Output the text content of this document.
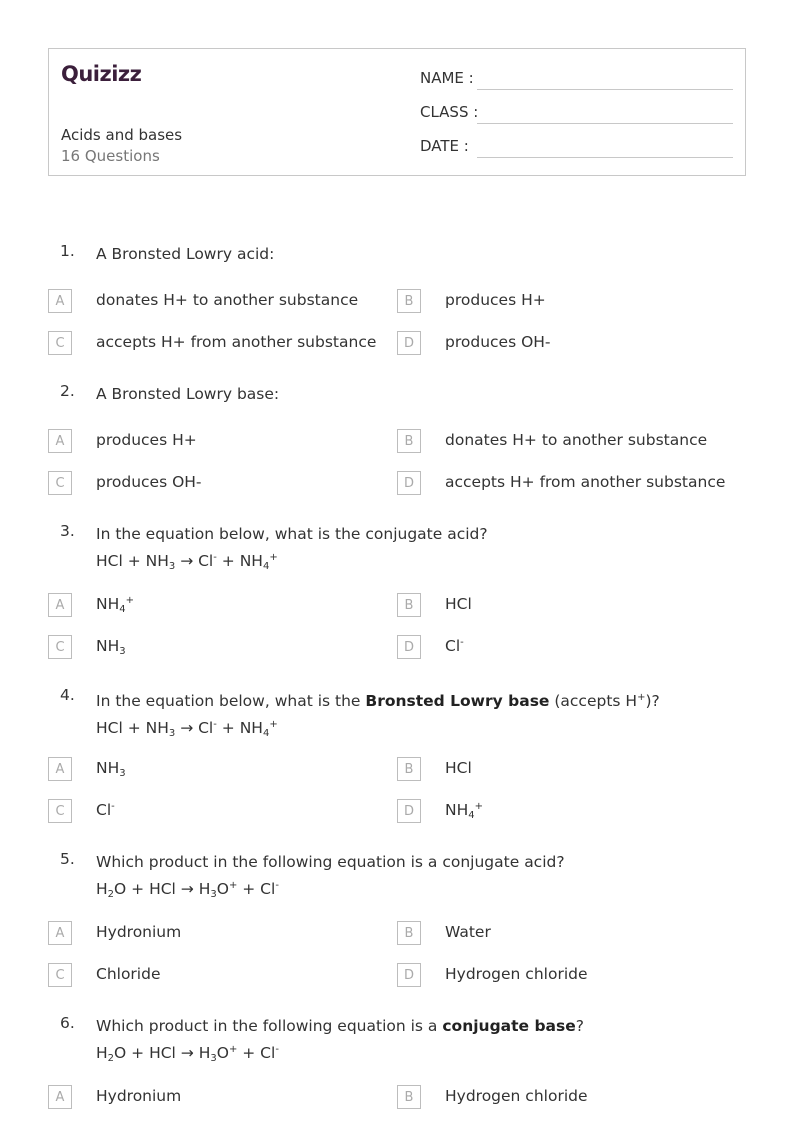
Quizizz
Acids and bases
16 Questions
NAME :
CLASS :
DATE :
1. A Bronsted Lowry acid:
A	donates H+ to another substance	B	produces H+
C	accepts H+ from another substance	D	produces OH-
2. A Bronsted Lowry base:
A	produces H+	B	donates H+ to another substance
C	produces OH-	D	accepts H+ from another substance
3. In the equation below, what is the conjugate acid?
HCl + $NH_3 \to Cl^- + NH_4^+$
A	$NH_4^+$	B	HCl
C	$NH_3$	D	Cl-
4. In the equation below, what is the Bronsted Lowry base (accepts H+)?
HCl + $NH_3 \to Cl^- + NH_4^+$
A	$NH_3$	B	HCl
C	Cl-	D	$NH_4^+$
5. Which product in the following equation is a conjugate acid?
$H_2O$ + HCl → $H_3O^+ + Cl^-$
A	Hydronium	B	Water
C	Chloride	D	Hydrogen chloride
6. Which product in the following equation is a conjugate base?
$H_2O$ + HCl → $H_3O^+ + Cl^-$
A	Hydronium	B	Hydrogen chloride
